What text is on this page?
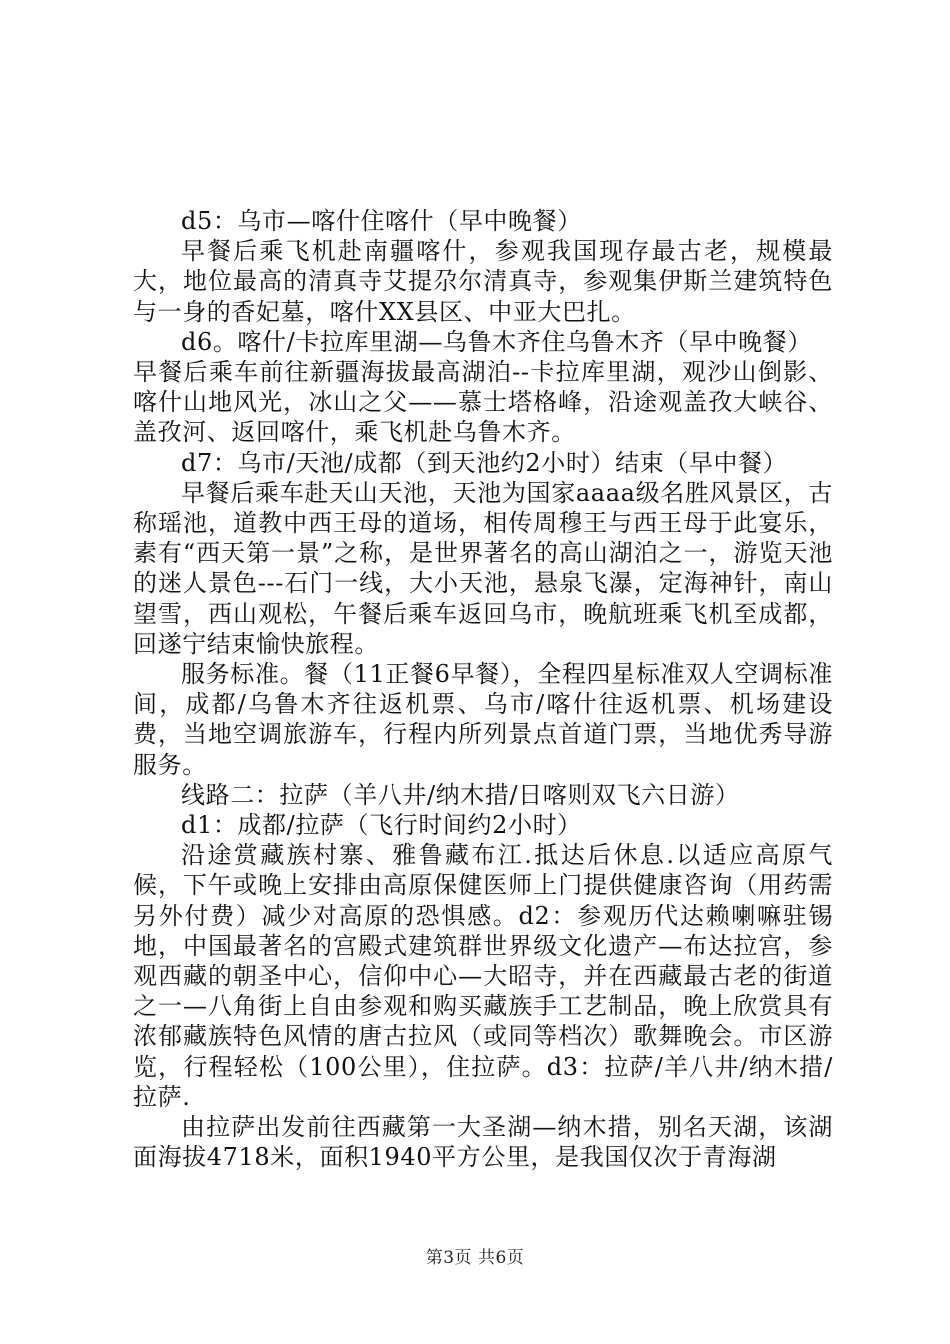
d5：乌市—喀什住喀什（早中晚餐）

早餐后乘飞机赴南疆喀什，参观我国现存最古老，规模最大，地位最高的清真寺艾提尕尔清真寺，参观集伊斯兰建筑特色与一身的香妃墓，喀什XX县区、中亚大巴扎。

d6。喀什/卡拉库里湖—乌鲁木齐住乌鲁木齐（早中晚餐）

早餐后乘车前往新疆海拔最高湖泊--卡拉库里湖，观沙山倒影、喀什山地风光，冰山之父——慕士塔格峰，沿途观盖孜大峡谷、盖孜河、返回喀什，乘飞机赴乌鲁木齐。

d7：乌市/天池/成都（到天池约2小时）结束（早中餐）

早餐后乘车赴天山天池，天池为国家aaaa级名胜风景区，古称瑶池，道教中西王母的道场，相传周穆王与西王母于此宴乐，素有“西天第一景”之称，是世界著名的高山湖泊之一，游览天池的迷人景色---石门一线，大小天池，悬泉飞瀑，定海神针，南山望雪，西山观松，午餐后乘车返回乌市，晚航班乘飞机至成都，回遂宁结束愉快旅程。

服务标准。餐（11正餐6早餐），全程四星标准双人空调标准间，成都/乌鲁木齐往返机票、乌市/喀什往返机票、机场建设费，当地空调旅游车，行程内所列景点首道门票，当地优秀导游服务。

线路二：拉萨（羊八井/纳木措/日喀则双飞六日游）

d1：成都/拉萨（飞行时间约2小时）

沿途赏藏族村寨、雅鲁藏布江.抵达后休息.以适应高原气候，下午或晚上安排由高原保健医师上门提供健康咨询（用药需另外付费）减少对高原的恐惧感。d2：参观历代达赖喇嘛驻锡地，中国最著名的宫殿式建筑群世界级文化遗产—布达拉宫，参观西藏的朝圣中心，信仰中心—大昭寺，并在西藏最古老的街道之一—八角街上自由参观和购买藏族手工艺制品，晚上欣赏具有浓郁藏族特色风情的唐古拉风（或同等档次）歌舞晚会。市区游览，行程轻松（100公里），住拉萨。d3：拉萨/羊八井/纳木措/拉萨.

由拉萨出发前往西藏第一大圣湖—纳木措，别名天湖，该湖面海拔4718米，面积1940平方公里，是我国仅次于青海湖

第3页 共6页
